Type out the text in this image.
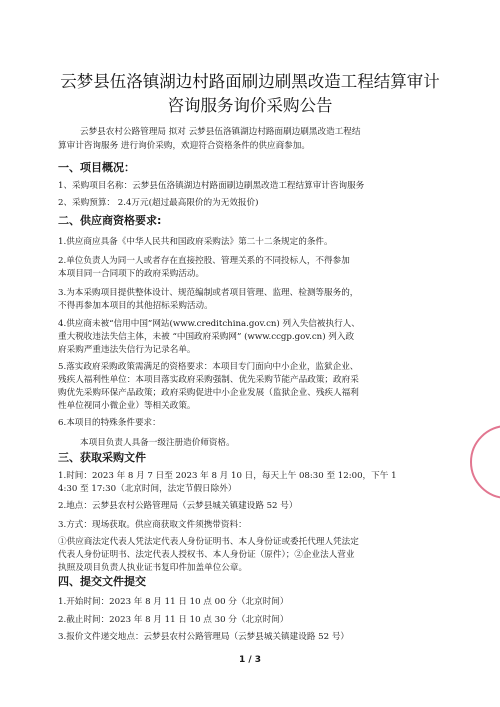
云梦县伍洛镇湖边村路面刷边刷黑改造工程结算审计
咨询服务询价采购公告
云梦县农村公路管理局 拟对 云梦县伍洛镇湖边村路面刷边刷黑改造工程结
算审计咨询服务 进行询价采购，欢迎符合资格条件的供应商参加。
一、项目概况：
1、采购项目名称：云梦县伍洛镇湖边村路面刷边刷黑改造工程结算审计咨询服务
2、采购预算： 2.4万元(超过最高限价的为无效报价)
二、供应商资格要求:
1.供应商应具备《中华人民共和国政府采购法》第二十二条规定的条件。
2.单位负责人为同一人或者存在直接控股、管理关系的不同投标人，不得参加
本项目同一合同项下的政府采购活动。
3.为本采购项目提供整体设计、规范编制或者项目管理、监理、检测等服务的，
不得再参加本项目的其他招标采购活动。
4.供应商未被“信用中国”网站(www.creditchina.gov.cn) 列入失信被执行人、
重大税收违法失信主体，未被 “中国政府采购网” (www.ccgp.gov.cn) 列入政
府采购严重违法失信行为记录名单。
5.落实政府采购政策需满足的资格要求：本项目专门面向中小企业，监狱企业、
残疾人福利性单位：本项目落实政府采购强制、优先采购节能产品政策；政府采
购优先采购环保产品政策；政府采购促进中小企业发展（监狱企业、残疾人福利
性单位视同小微企业）等相关政策。
6.本项目的特殊条件要求：
本项目负责人具备一级注册造价师资格。
三、获取采购文件
1.时间：2023 年 8 月 7 日至 2023 年 8 月 10 日，每天上午 08:30 至 12:00，下午 1
4:30 至 17:30（北京时间，法定节假日除外）
2.地点：云梦县农村公路管理局（云梦县城关镇建设路 52 号）
3.方式：现场获取。供应商获取文件须携带资料：
①供应商法定代表人凭法定代表人身份证明书、本人身份证或委托代理人凭法定
代表人身份证明书、法定代表人授权书、本人身份证（原件）；②企业法人营业
执照及项目负责人执业证书复印件加盖单位公章。
四、提交文件提交
1.开始时间：2023 年 8 月 11 日 10 点 00 分（北京时间）
2.截止时间：2023 年 8 月 11 日 10 点 30 分（北京时间）
3.报价文件递交地点：云梦县农村公路管理局（云梦县城关镇建设路 52 号）
1 / 3
